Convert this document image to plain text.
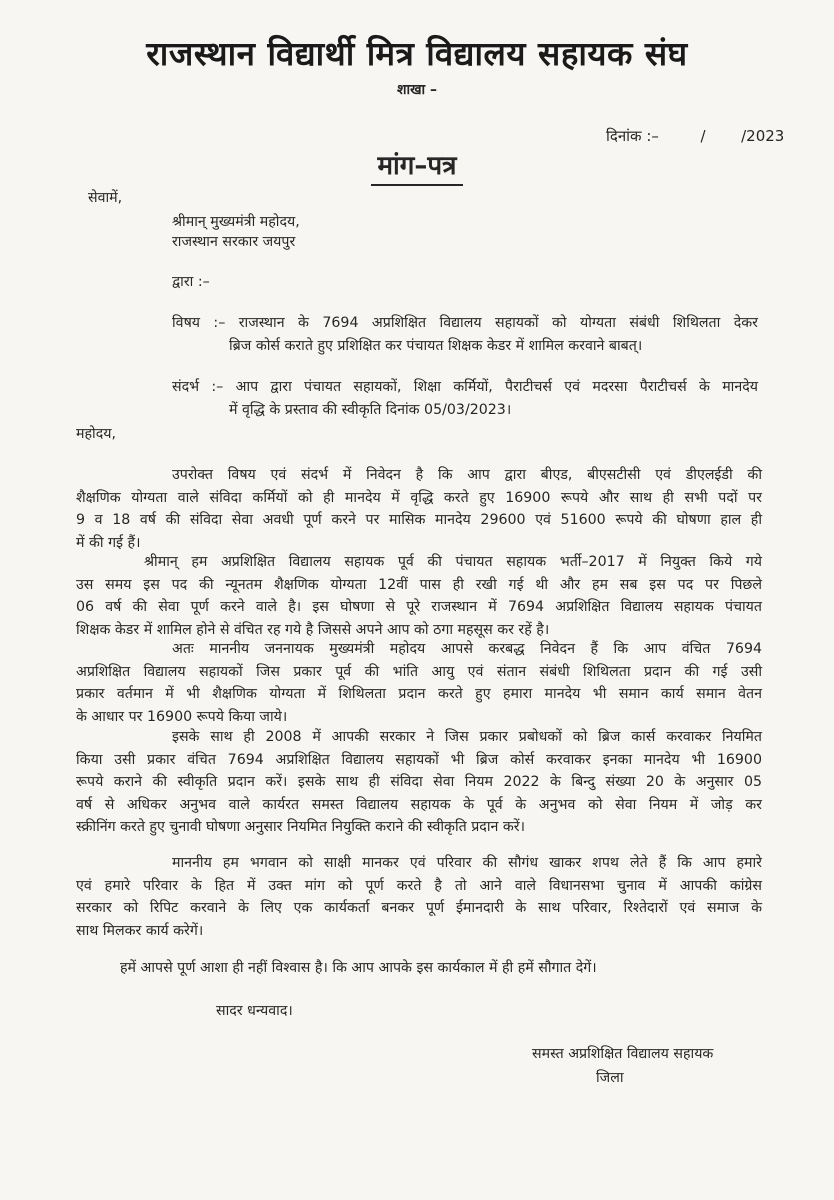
राजस्थान विद्यार्थी मित्र विद्यालय सहायक संघ
शाखा –
दिनांक :–	/ /2023
मांग–पत्र
सेवामें,
श्रीमान् मुख्यमंत्री महोदय,
राजस्थान सरकार जयपुर
द्वारा :–
विषय :– राजस्थान के 7694 अप्रशिक्षित विद्यालय सहायकों को योग्यता संबंधी शिथिलता देकर
ब्रिज कोर्स कराते हुए प्रशिक्षित कर पंचायत शिक्षक केडर में शामिल करवाने बाबत्।
संदर्भ :– आप द्वारा पंचायत सहायकों, शिक्षा कर्मियों, पैराटीचर्स एवं मदरसा पैराटीचर्स के मानदेय
में वृद्धि के प्रस्ताव की स्वीकृति दिनांक 05/03/2023।
महोदय,
उपरोक्त विषय एवं संदर्भ में निवेदन है कि आप द्वारा बीएड, बीएसटीसी एवं डीएलईडी की
शैक्षणिक योग्यता वाले संविदा कर्मियों को ही मानदेय में वृद्धि करते हुए 16900 रूपये और साथ ही सभी पदों पर
9 व 18 वर्ष की संविदा सेवा अवधी पूर्ण करने पर मासिक मानदेय 29600 एवं 51600 रूपये की घोषणा हाल ही
में की गई हैं।
श्रीमान् हम अप्रशिक्षित विद्यालय सहायक पूर्व की पंचायत सहायक भर्ती–2017 में नियुक्त किये गये
उस समय इस पद की न्यूनतम शैक्षणिक योग्यता 12वीं पास ही रखी गई थी और हम सब इस पद पर पिछले
06 वर्ष की सेवा पूर्ण करने वाले है। इस घोषणा से पूरे राजस्थान में 7694 अप्रशिक्षित विद्यालय सहायक पंचायत
शिक्षक केडर में शामिल होने से वंचित रह गये है जिससे अपने आप को ठगा महसूस कर रहें है।
अतः माननीय जननायक मुख्यमंत्री महोदय आपसे करबद्ध निवेदन हैं कि आप वंचित 7694
अप्रशिक्षित विद्यालय सहायकों जिस प्रकार पूर्व की भांति आयु एवं संतान संबंधी शिथिलता प्रदान की गई उसी
प्रकार वर्तमान में भी शैक्षणिक योग्यता में शिथिलता प्रदान करते हुए हमारा मानदेय भी समान कार्य समान वेतन
के आधार पर 16900 रूपये किया जाये।
इसके साथ ही 2008 में आपकी सरकार ने जिस प्रकार प्रबोधकों को ब्रिज कार्स करवाकर नियमित
किया उसी प्रकार वंचित 7694 अप्रशिक्षित विद्यालय सहायकों भी ब्रिज कोर्स करवाकर इनका मानदेय भी 16900
रूपये कराने की स्वीकृति प्रदान करें। इसके साथ ही संविदा सेवा नियम 2022 के बिन्दु संख्या 20 के अनुसार 05
वर्ष से अधिकर अनुभव वाले कार्यरत समस्त विद्यालय सहायक के पूर्व के अनुभव को सेवा नियम में जोड़ कर
स्क्रीनिंग करते हुए चुनावी घोषणा अनुसार नियमित नियुक्ति कराने की स्वीकृति प्रदान करें।
माननीय हम भगवान को साक्षी मानकर एवं परिवार की सौगंध खाकर शपथ लेते हैं कि आप हमारे
एवं हमारे परिवार के हित में उक्त मांग को पूर्ण करते है तो आने वाले विधानसभा चुनाव में आपकी कांग्रेस
सरकार को रिपिट करवाने के लिए एक कार्यकर्ता बनकर पूर्ण ईमानदारी के साथ परिवार, रिश्तेदारों एवं समाज के
साथ मिलकर कार्य करेगें।
हमें आपसे पूर्ण आशा ही नहीं विश्वास है। कि आप आपके इस कार्यकाल में ही हमें सौगात देगें।
सादर धन्यवाद।
समस्त अप्रशिक्षित विद्यालय सहायक
जिला
